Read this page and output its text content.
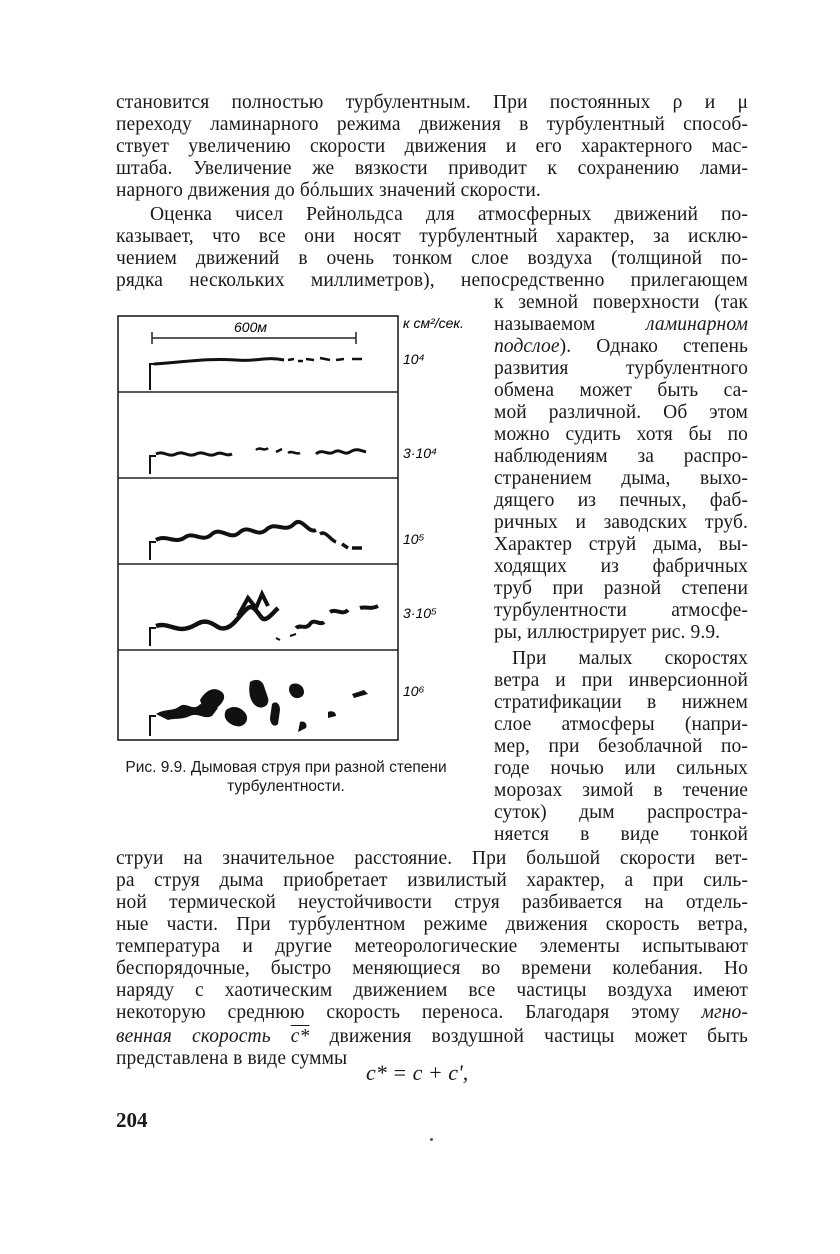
становится полностью турбулентным. При постоянных ρ и μ
переходу ламинарного режима движения в турбулентный способ-
ствует увеличению скорости движения и его характерного мас-
штаба. Увеличение же вязкости приводит к сохранению лами-
нарного движения до бóльших значений скорости.
Оценка чисел Рейнольдса для атмосферных движений по-
казывает, что все они носят турбулентный характер, за исклю-
чением движений в очень тонком слое воздуха (толщиной по-
рядка нескольких миллиметров), непосредственно прилегающем
к земной поверхности (так
называемом	ламинарном
подслое). Однако степень
развития турбулентного
обмена может быть са-
мой различной. Об этом
можно судить хотя бы по
наблюдениям за распро-
странением дыма, выхо-
дящего из печных, фаб-
ричных и заводских труб.
Характер струй дыма, вы-
ходящих из фабричных
труб при разной степени
турбулентности атмосфе-
ры, иллюстрирует рис. 9.9.
При малых скоростях
ветра и при инверсионной
стратификации в нижнем
слое атмосферы (напри-
мер, при безоблачной по-
годе ночью или сильных
морозах зимой в течение
суток) дым распростра-
няется в виде тонкой
струи на значительное расстояние. При большой скорости вет-
ра струя дыма приобретает извилистый характер, а при силь-
ной термической неустойчивости струя разбивается на отдель-
ные части. При турбулентном режиме движения скорость ветра,
температура и другие метеорологические элементы испытывают
беспорядочные, быстро меняющиеся во времени колебания. Но
наряду с хаотическим движением все частицы воздуха имеют
некоторую среднюю скорость переноса. Благодаря этому мгно-
венная скорость c* движения воздушной частицы может быть
представлена в виде суммы
c* = c + c',
600м	к см²/сек.
10⁴
3·10⁴
10⁵
3·10⁵
10⁶
Рис. 9.9. Дымовая струя при разной степени турбулентности.
204
